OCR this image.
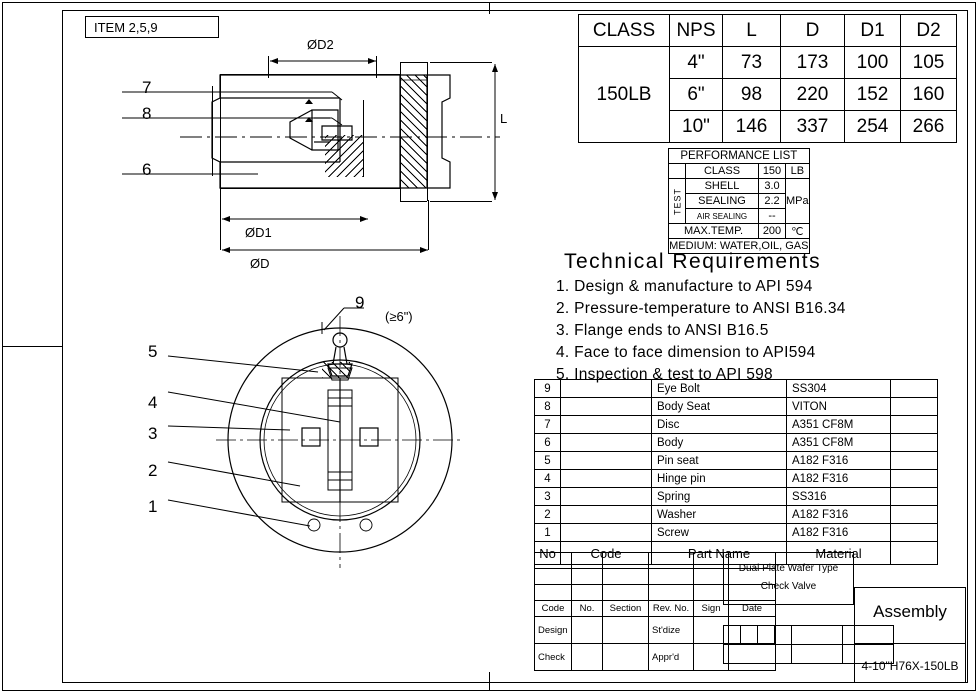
ITEM 2,5,9
ØD2
ØD1
ØD
L
7
8
6
5
4
3
2
1
9
(≥6")
CLASS	NPS	L	D	D1	D2
150LB	4"	73	173	100	105
	6"	98	220	152	160
	10"	146	337	254	266
PERFORMANCE LIST			
	CLASS	150	LB
TEST	SHELL	3.0	MPa
	SEALING	2.2	
	AIR SEALING	--	
MAX.TEMP.		200	℃
MEDIUM: WATER,OIL, GAS			
Technical Requirements
1. Design & manufacture to API 594
2. Pressure-temperature to ANSI B16.34
3. Flange ends to ANSI B16.5
4. Face to face dimension to API594
5. Inspection & test to API 598
9		Eye Bolt	SS304	
8		Body Seat	VITON	
7		Disc	A351 CF8M	
6		Body	A351 CF8M	
5		Pin seat	A182 F316	
4		Hinge pin	A182 F316	
3		Spring	SS316	
2		Washer	A182 F316	
1		Screw	A182 F316	
No	Code	Part Name	Material	

Code	No.	Section	Rev. No.	Sign	Date
Design			St'dize		
Check			Appr'd		
Dual Plate Wafer Type
Check Valve

Assembly
4-10"H76X-150LB
